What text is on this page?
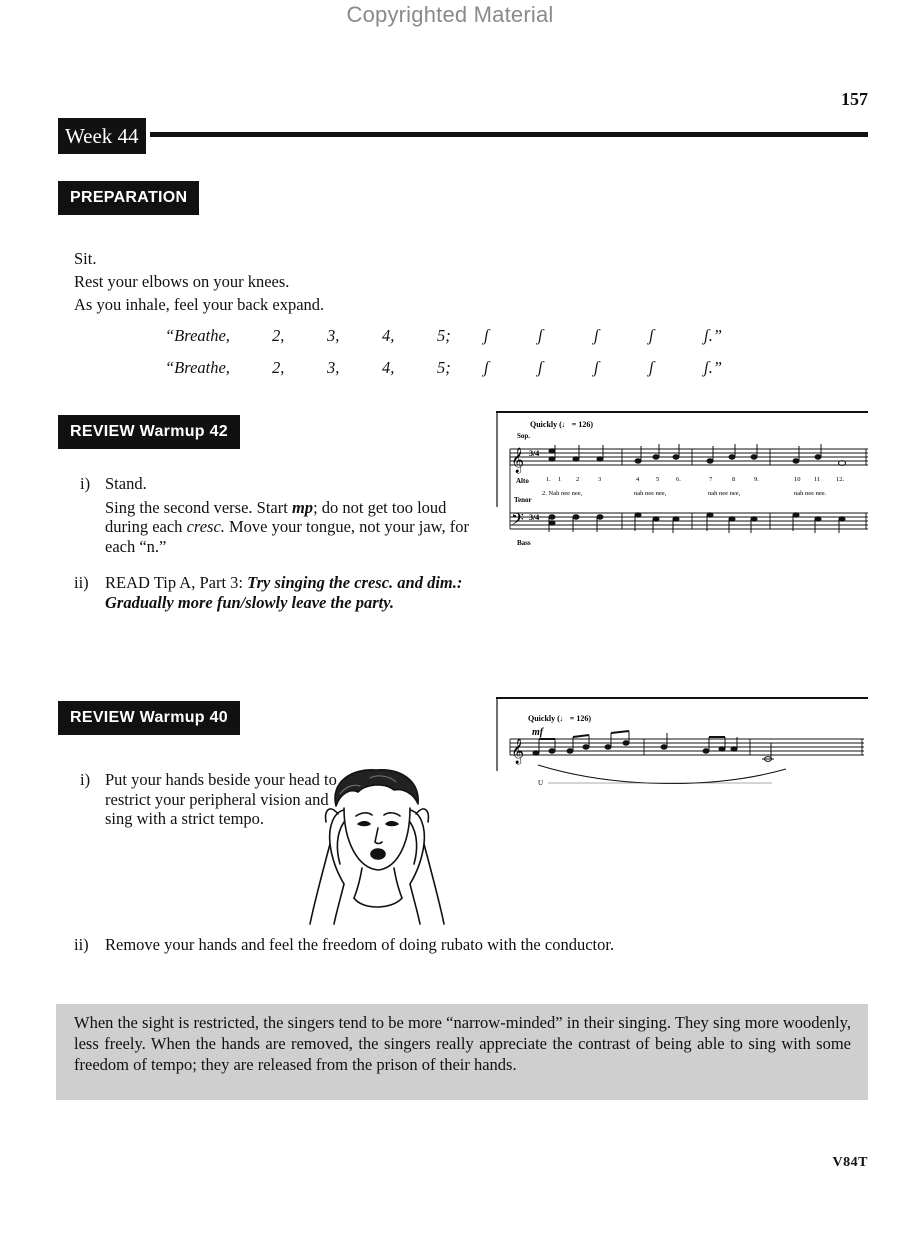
Copyrighted Material
157
Week 44
PREPARATION
Sit.
Rest your elbows on your knees.
As you inhale, feel your back expand.
“Breathe,	2,	3,	4,	5; ʃ	ʃ	ʃ	ʃ	ʃ.”
“Breathe,	2,	3,	4,	5; ʃ	ʃ	ʃ	ʃ	ʃ.”
REVIEW Warmup 42
i) Stand.
Sing the second verse. Start mp; do not get too loud during each cresc. Move your tongue, not your jaw, for each “n.”
ii) READ Tip A, Part 3: Try singing the cresc. and dim.: Gradually more fun/slowly leave the party.
Quickly (♩ = 126)
Sop.
Alto
Tenor
Bass
𝄞 3/4
1. 1 2	3	4	5	6.	7	8	9.	10 11 12.
2. Nah nee nee,	nah nee nee,	nah nee nee,	nah nee nee.
𝄢 3/4
REVIEW Warmup 40
i) Put your hands beside your head to restrict your peripheral vision and sing with a strict tempo.
Quickly (♩ = 126)
mf
𝄞
U
ii) Remove your hands and feel the freedom of doing rubato with the conductor.
When the sight is restricted, the singers tend to be more “narrow-minded” in their singing. They sing more woodenly, less freely. When the hands are removed, the singers really appreciate the contrast of being able to sing with some freedom of tempo; they are released from the prison of their hands.
V84T
